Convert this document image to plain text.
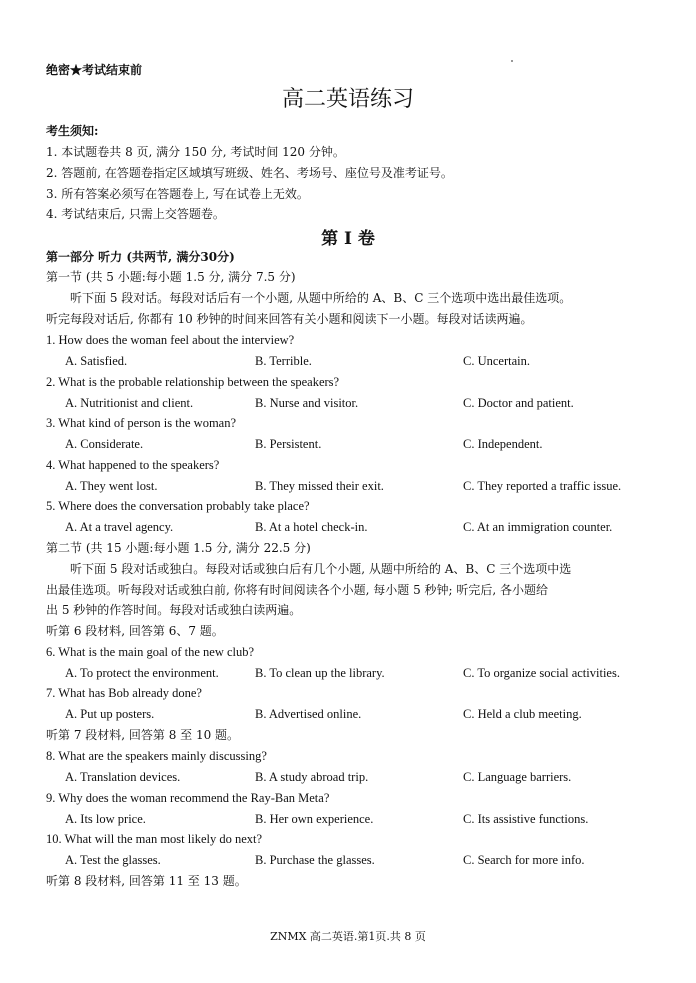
绝密★考试结束前
高二英语练习
考生须知:
1. 本试题卷共 8 页, 满分 150 分, 考试时间 120 分钟。
2. 答题前, 在答题卷指定区域填写班级、姓名、考场号、座位号及准考证号。
3. 所有答案必须写在答题卷上, 写在试卷上无效。
4. 考试结束后, 只需上交答题卷。
第 I 卷
第一部分 听力 (共两节, 满分30分)
第一节 (共 5 小题:每小题 1.5 分, 满分 7.5 分)
听下面 5 段对话。每段对话后有一个小题, 从题中所给的 A、B、C 三个选项中选出最佳选项。
听完每段对话后, 你都有 10 秒钟的时间来回答有关小题和阅读下一小题。每段对话读两遍。
1. How does the woman feel about the interview?
A. Satisfied.	B. Terrible.	C. Uncertain.
2. What is the probable relationship between the speakers?
A. Nutritionist and client.	B. Nurse and visitor.	C. Doctor and patient.
3. What kind of person is the woman?
A. Considerate.	B. Persistent.	C. Independent.
4. What happened to the speakers?
A. They went lost.	B. They missed their exit.	C. They reported a traffic issue.
5. Where does the conversation probably take place?
A. At a travel agency.	B. At a hotel check-in.	C. At an immigration counter.
第二节 (共 15 小题:每小题 1.5 分, 满分 22.5 分)
听下面 5 段对话或独白。每段对话或独白后有几个小题, 从题中所给的 A、B、C 三个选项中选
出最佳选项。听每段对话或独白前, 你将有时间阅读各个小题, 每小题 5 秒钟; 听完后, 各小题给
出 5 秒钟的作答时间。每段对话或独白读两遍。
听第 6 段材料, 回答第 6、7 题。
6. What is the main goal of the new club?
A. To protect the environment.	B. To clean up the library.	C. To organize social activities.
7. What has Bob already done?
A. Put up posters.	B. Advertised online.	C. Held a club meeting.
听第 7 段材料, 回答第 8 至 10 题。
8. What are the speakers mainly discussing?
A. Translation devices.	B. A study abroad trip.	C. Language barriers.
9. Why does the woman recommend the Ray-Ban Meta?
A. Its low price.	B. Her own experience.	C. Its assistive functions.
10. What will the man most likely do next?
A. Test the glasses.	B. Purchase the glasses.	C. Search for more info.
听第 8 段材料, 回答第 11 至 13 题。
ZNMX 高二英语.第1页.共 8 页
